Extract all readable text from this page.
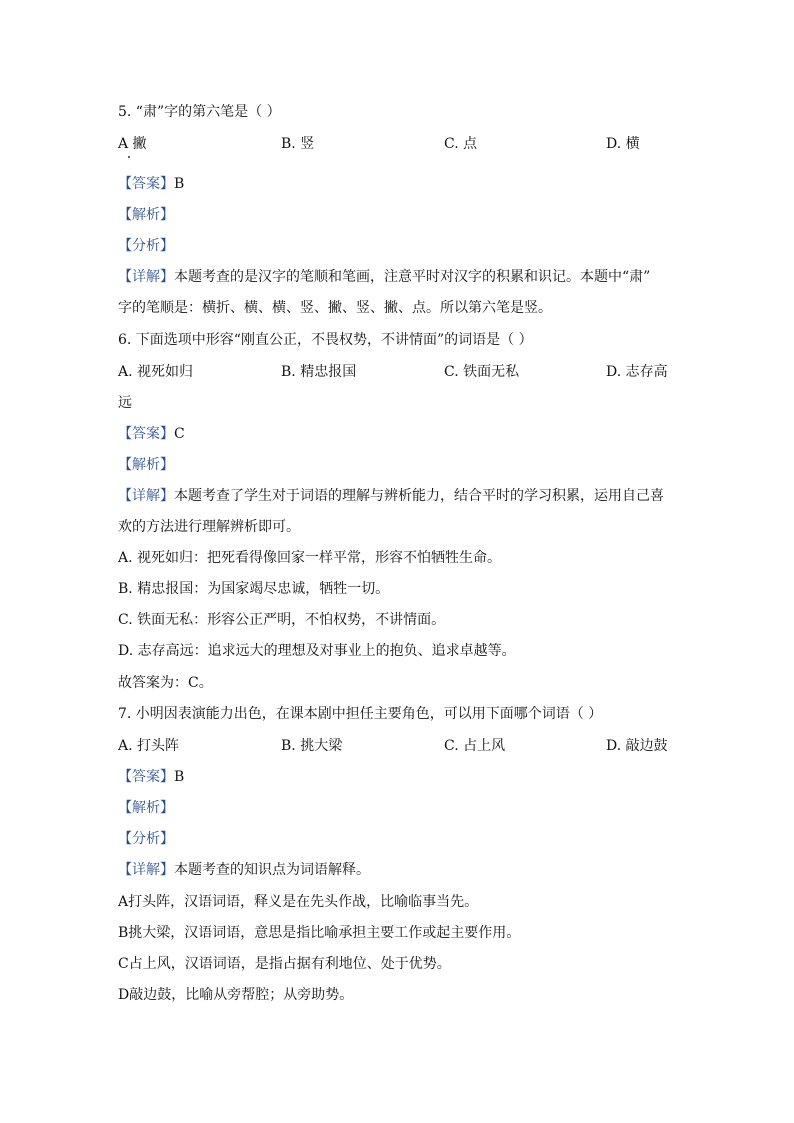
5. “肃”字的第六笔是（ ）
A 撇	B. 竖	C. 点	D. 横
【答案】B
【解析】
【分析】
【详解】本题考查的是汉字的笔顺和笔画，注意平时对汉字的积累和识记。本题中“肃”
字的笔顺是：横折、横、横、竖、撇、竖、撇、点。所以第六笔是竖。
6. 下面选项中形容“刚直公正，不畏权势，不讲情面”的词语是（ ）
A. 视死如归	B. 精忠报国	C. 铁面无私	D. 志存高
远
【答案】C
【解析】
【详解】本题考查了学生对于词语的理解与辨析能力，结合平时的学习积累，运用自己喜
欢的方法进行理解辨析即可。
A. 视死如归：把死看得像回家一样平常，形容不怕牺牲生命。
B. 精忠报国：为国家竭尽忠诚，牺牲一切。
C. 铁面无私：形容公正严明，不怕权势，不讲情面。
D. 志存高远：追求远大的理想及对事业上的抱负、追求卓越等。
故答案为：C。
7. 小明因表演能力出色，在课本剧中担任主要角色，可以用下面哪个词语（ ）
A. 打头阵	B. 挑大梁	C. 占上风	D. 敲边鼓
【答案】B
【解析】
【分析】
【详解】本题考查的知识点为词语解释。
A打头阵，汉语词语，释义是在先头作战，比喻临事当先。
B挑大梁，汉语词语，意思是指比喻承担主要工作或起主要作用。
C占上风，汉语词语，是指占据有利地位、处于优势。
D敲边鼓，比喻从旁帮腔；从旁助势。
